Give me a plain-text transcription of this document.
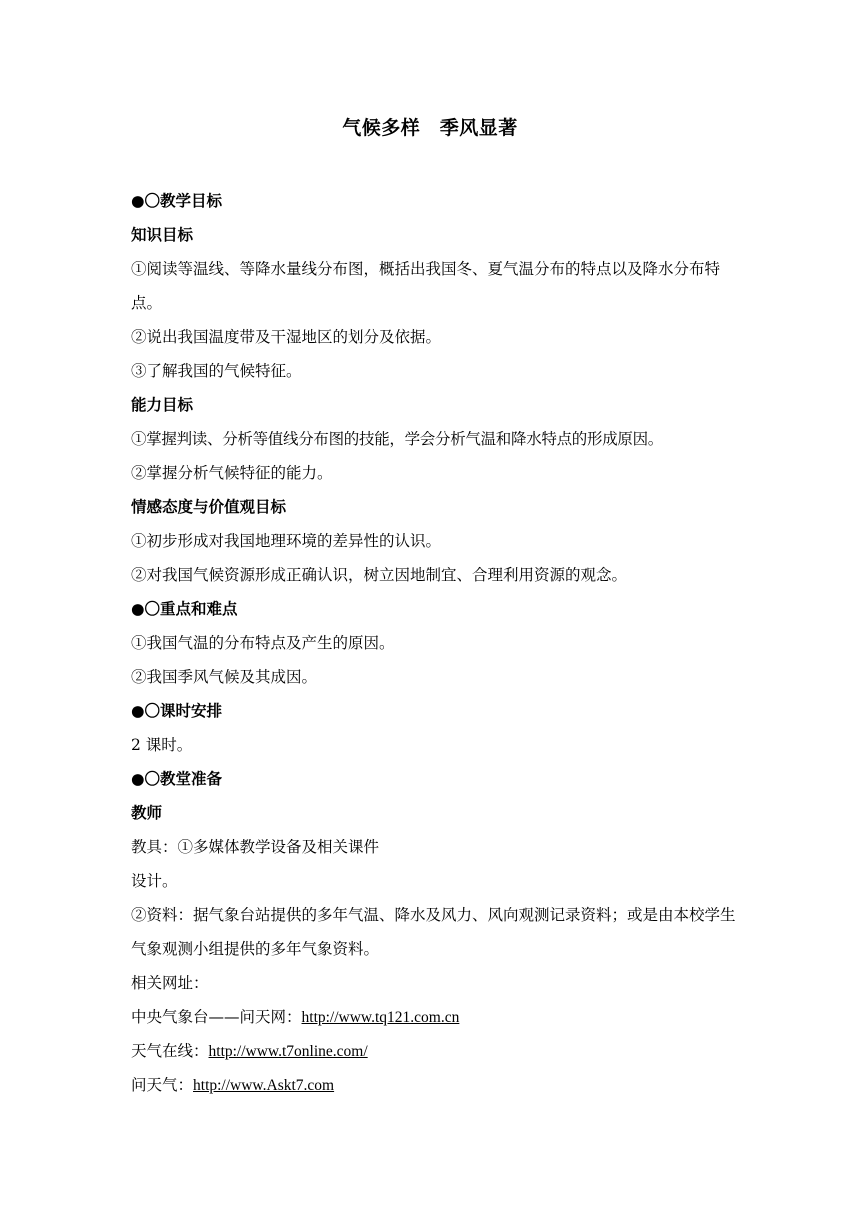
气候多样　季风显著
●〇教学目标
知识目标
①阅读等温线、等降水量线分布图，概括出我国冬、夏气温分布的特点以及降水分布特点。
②说出我国温度带及干湿地区的划分及依据。
③了解我国的气候特征。
能力目标
①掌握判读、分析等值线分布图的技能，学会分析气温和降水特点的形成原因。
②掌握分析气候特征的能力。
情感态度与价值观目标
①初步形成对我国地理环境的差异性的认识。
②对我国气候资源形成正确认识，树立因地制宜、合理利用资源的观念。
●〇重点和难点
①我国气温的分布特点及产生的原因。
②我国季风气候及其成因。
●〇课时安排
2 课时。
●〇教堂准备
教师
教具：①多媒体教学设备及相关课件
设计。
②资料：据气象台站提供的多年气温、降水及风力、风向观测记录资料；或是由本校学生气象观测小组提供的多年气象资料。
相关网址：
中央气象台——问天网：http://www.tq121.com.cn
天气在线：http://www.t7online.com/
问天气：http://www.Askt7.com
